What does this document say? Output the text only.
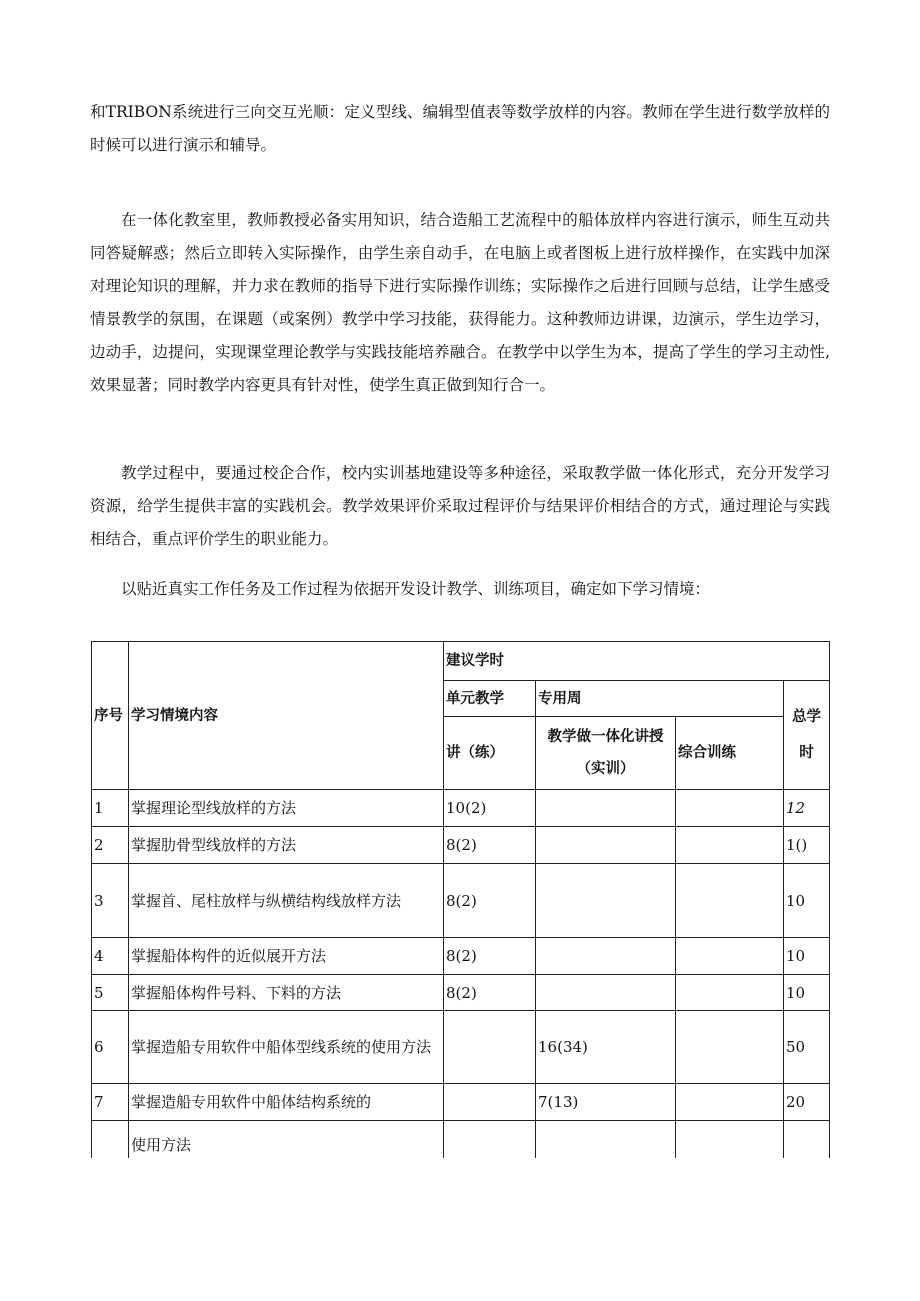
和TRIBON系统进行三向交互光顺：定义型线、编辑型值表等数学放样的内容。教师在学生进行数学放样的时候可以进行演示和辅导。

在一体化教室里，教师教授必备实用知识，结合造船工艺流程中的船体放样内容进行演示，师生互动共同答疑解惑；然后立即转入实际操作，由学生亲自动手，在电脑上或者图板上进行放样操作，在实践中加深对理论知识的理解，并力求在教师的指导下进行实际操作训练；实际操作之后进行回顾与总结，让学生感受情景教学的氛围，在课题（或案例）教学中学习技能，获得能力。这种教师边讲课，边演示，学生边学习，边动手，边提问，实现课堂理论教学与实践技能培养融合。在教学中以学生为本，提高了学生的学习主动性,效果显著；同时教学内容更具有针对性，使学生真正做到知行合一。

教学过程中，要通过校企合作，校内实训基地建设等多种途径，采取教学做一体化形式，充分开发学习资源，给学生提供丰富的实践机会。教学效果评价采取过程评价与结果评价相结合的方式，通过理论与实践相结合，重点评价学生的职业能力。

以贴近真实工作任务及工作过程为依据开发设计教学、训练项目，确定如下学习情境：

序号	学习情境内容	建议学时			
		单元教学	专用周		总学时
		讲（练）	教学做一体化讲授（实训）	综合训练	
1	掌握理论型线放样的方法	10(2)			12
2	掌握肋骨型线放样的方法	8(2)			1()
3	掌握首、尾柱放样与纵横结构线放样方法	8(2)			10
4	掌握船体构件的近似展开方法	8(2)			10
5	掌握船体构件号料、下料的方法	8(2)			10
6	掌握造船专用软件中船体型线系统的使用方法		16(34)		50
7	掌握造船专用软件中船体结构系统的		7(13)		20
	使用方法				
